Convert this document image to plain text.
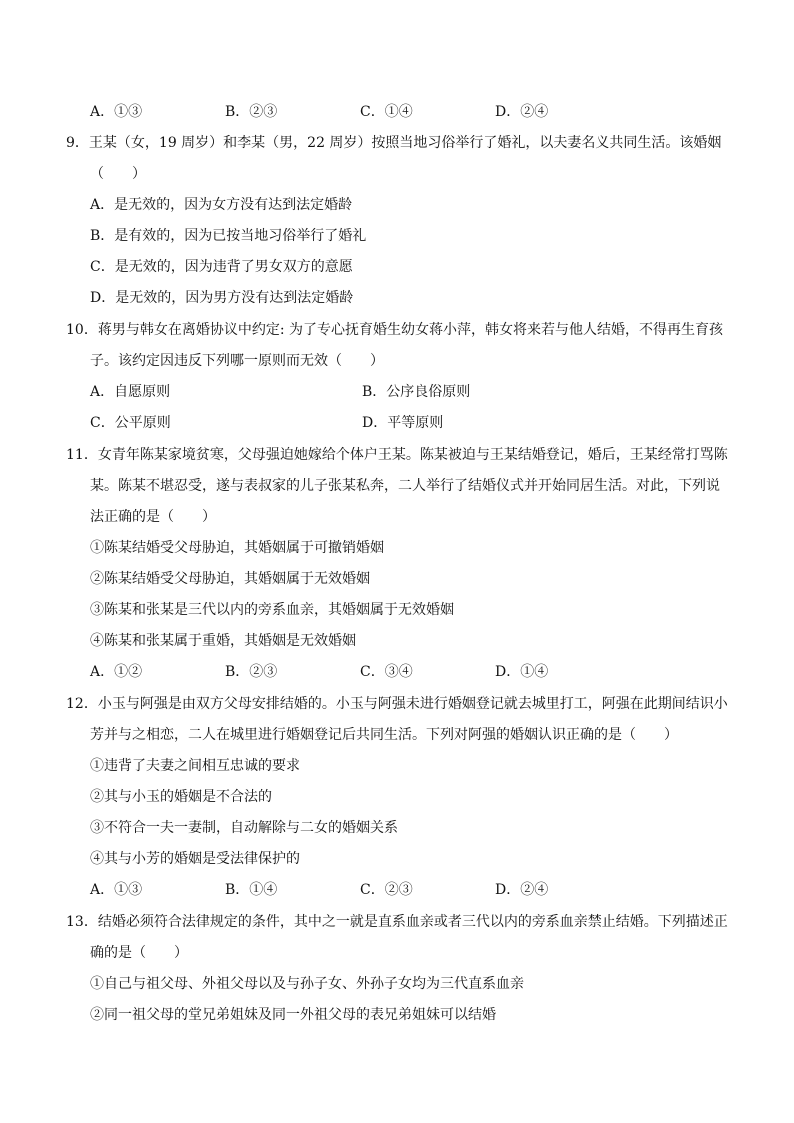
A．①③	B．②③	C．①④	D．②④
9．王某（女，19 周岁）和李某（男，22 周岁）按照当地习俗举行了婚礼，以夫妻名义共同生活。该婚姻
（　　）
A．是无效的，因为女方没有达到法定婚龄
B．是有效的，因为已按当地习俗举行了婚礼
C．是无效的，因为违背了男女双方的意愿
D．是无效的，因为男方没有达到法定婚龄
10．蒋男与韩女在离婚协议中约定: 为了专心抚育婚生幼女蒋小萍，韩女将来若与他人结婚，不得再生育孩
子。该约定因违反下列哪一原则而无效（　　）
A．自愿原则	B．公序良俗原则
C．公平原则	D．平等原则
11．女青年陈某家境贫寒，父母强迫她嫁给个体户王某。陈某被迫与王某结婚登记，婚后，王某经常打骂陈
某。陈某不堪忍受，遂与表叔家的儿子张某私奔，二人举行了结婚仪式并开始同居生活。对此，下列说
法正确的是（　　）
①陈某结婚受父母胁迫，其婚姻属于可撤销婚姻
②陈某结婚受父母胁迫，其婚姻属于无效婚姻
③陈某和张某是三代以内的旁系血亲，其婚姻属于无效婚姻
④陈某和张某属于重婚，其婚姻是无效婚姻
A．①②	B．②③	C．③④	D．①④
12．小玉与阿强是由双方父母安排结婚的。小玉与阿强未进行婚姻登记就去城里打工，阿强在此期间结识小
芳并与之相恋，二人在城里进行婚姻登记后共同生活。下列对阿强的婚姻认识正确的是（　　）
①违背了夫妻之间相互忠诚的要求
②其与小玉的婚姻是不合法的
③不符合一夫一妻制，自动解除与二女的婚姻关系
④其与小芳的婚姻是受法律保护的
A．①③	B．①④	C．②③	D．②④
13．结婚必须符合法律规定的条件，其中之一就是直系血亲或者三代以内的旁系血亲禁止结婚。下列描述正
确的是（　　）
①自己与祖父母、外祖父母以及与孙子女、外孙子女均为三代直系血亲
②同一祖父母的堂兄弟姐妹及同一外祖父母的表兄弟姐妹可以结婚
